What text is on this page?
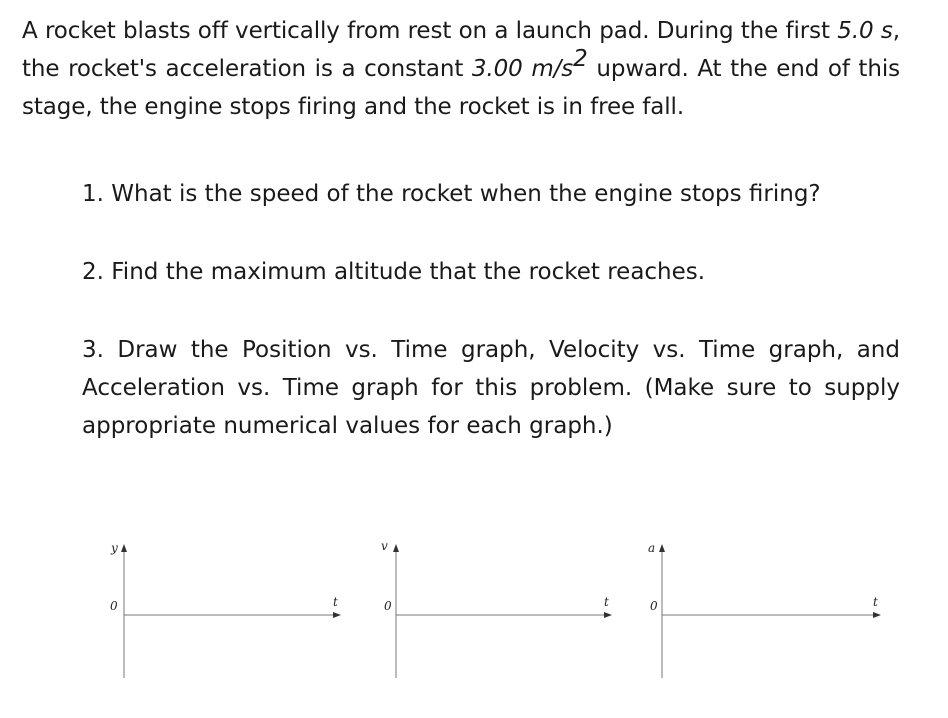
A rocket blasts off vertically from rest on a launch pad. During the first 5.0 s, the rocket's acceleration is a constant 3.00 $m/s^2$ upward. At the end of this stage, the engine stops firing and the rocket is in free fall.
1. What is the speed of the rocket when the engine stops firing?
2. Find the maximum altitude that the rocket reaches.
3. Draw the Position vs. Time graph, Velocity vs. Time graph, and Acceleration vs. Time graph for this problem. (Make sure to supply appropriate numerical values for each graph.)
y
0	t
v
0	t
a
0	t
